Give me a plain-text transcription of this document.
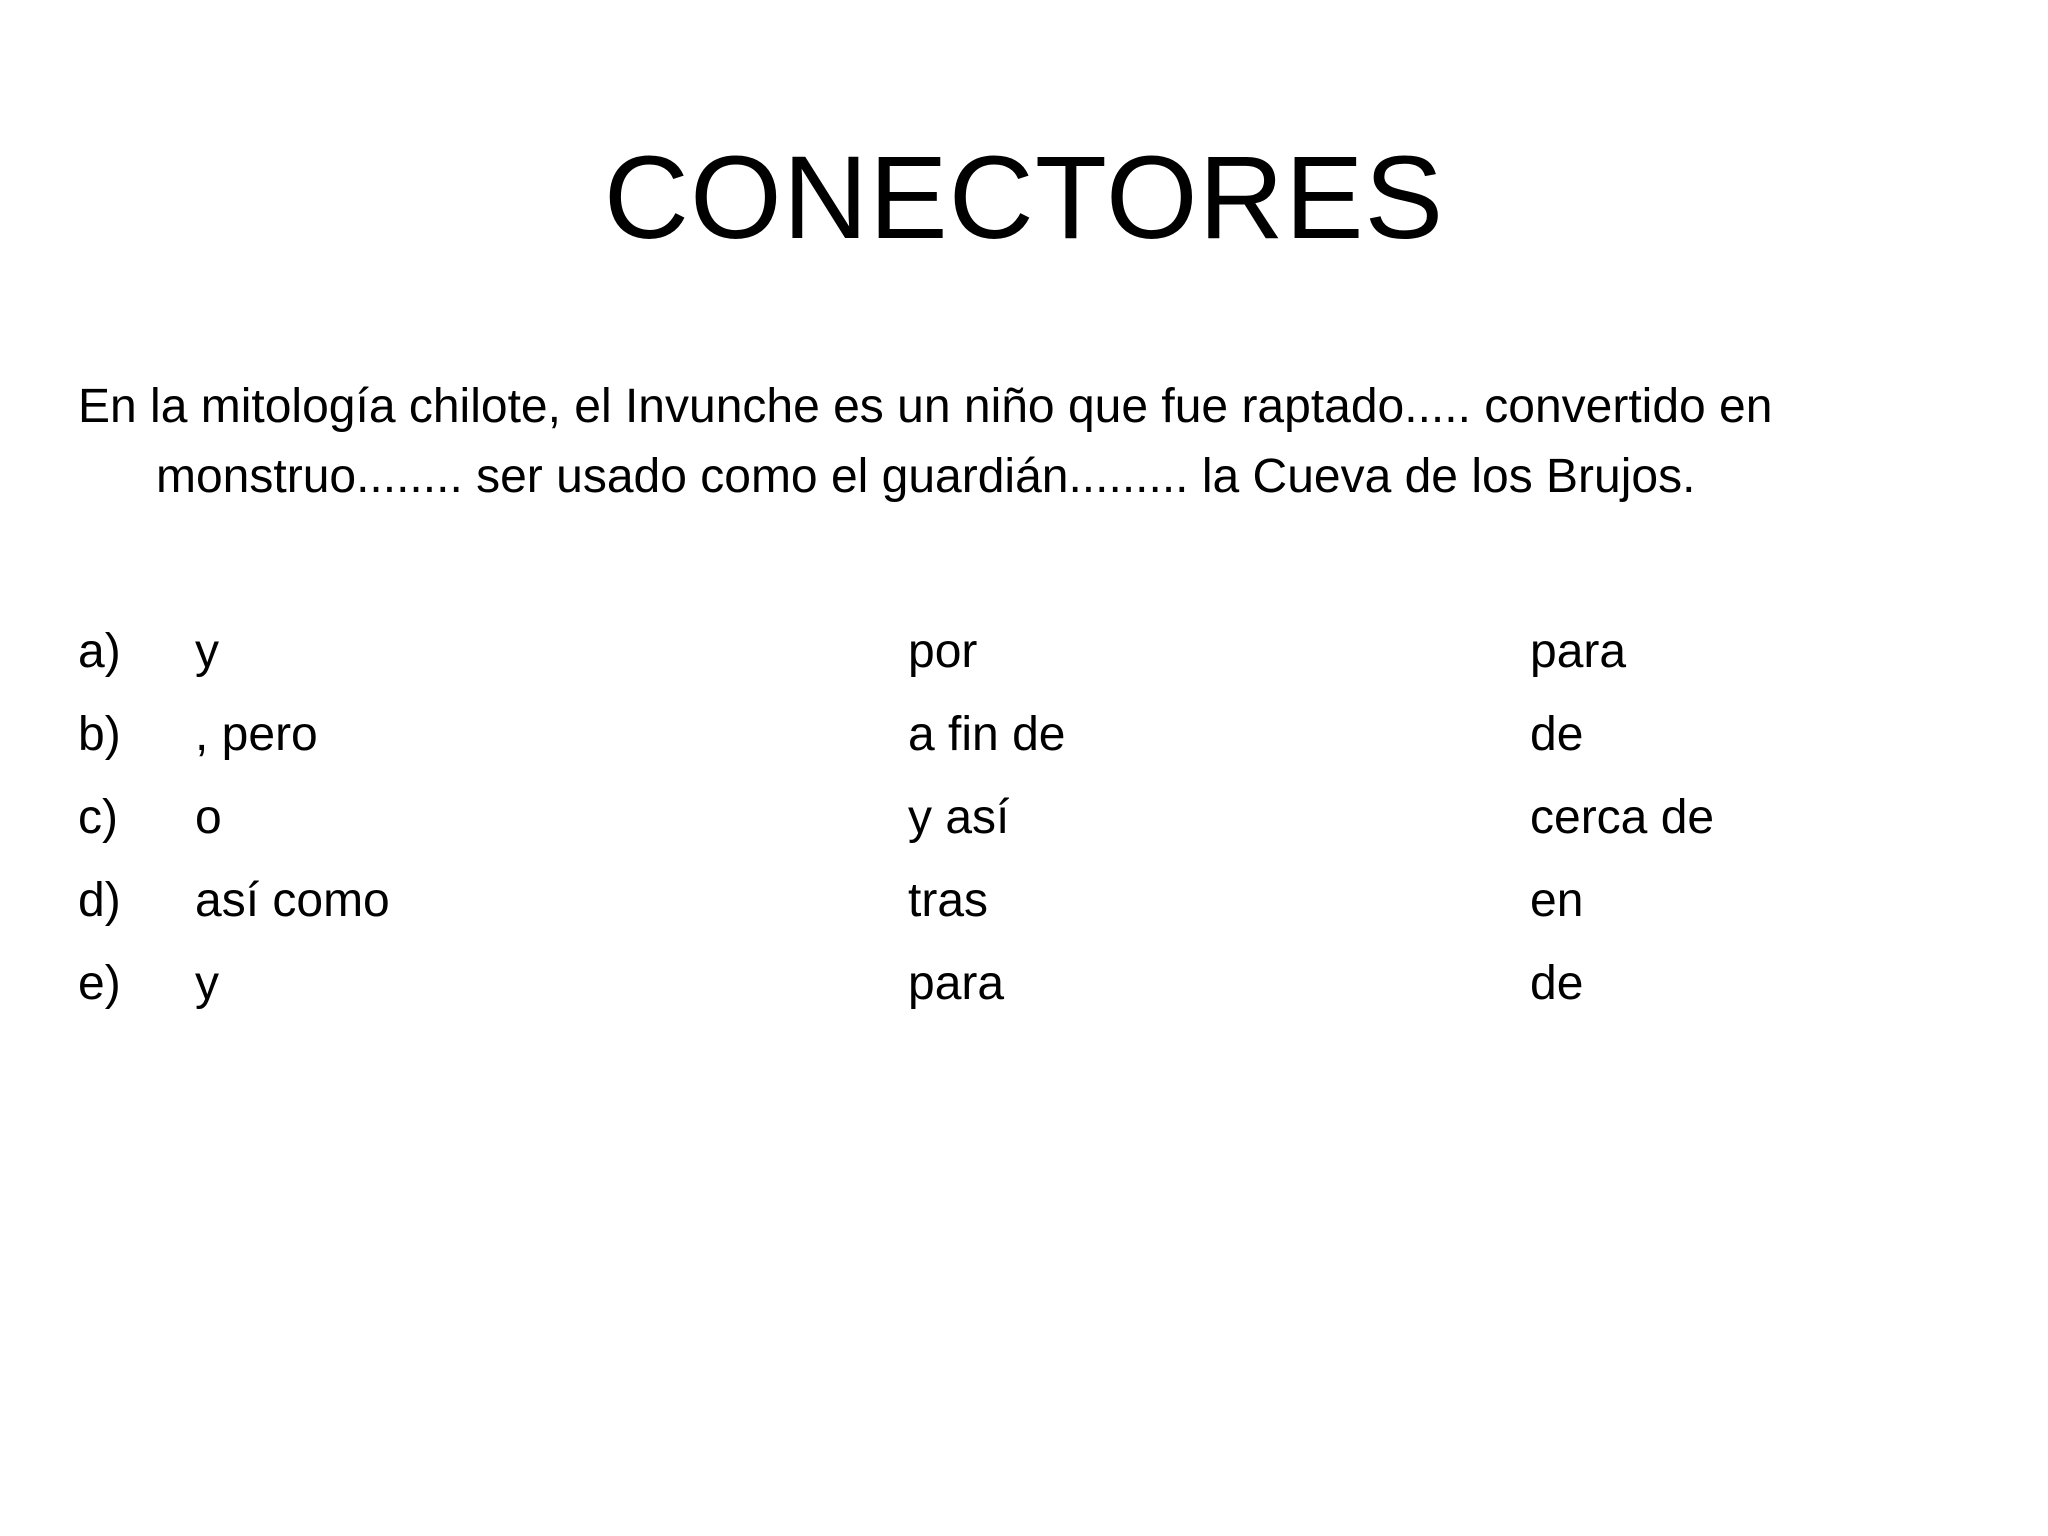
CONECTORES

En la mitología chilote, el Invunche es un niño que fue raptado..... convertido en
monstruo........ ser usado como el guardián......... la Cueva de los Brujos.

a) y	por	para
b) , pero	a fin de	de
c) o	y así	cerca de
d) así como	tras	en
e) y	para	de
